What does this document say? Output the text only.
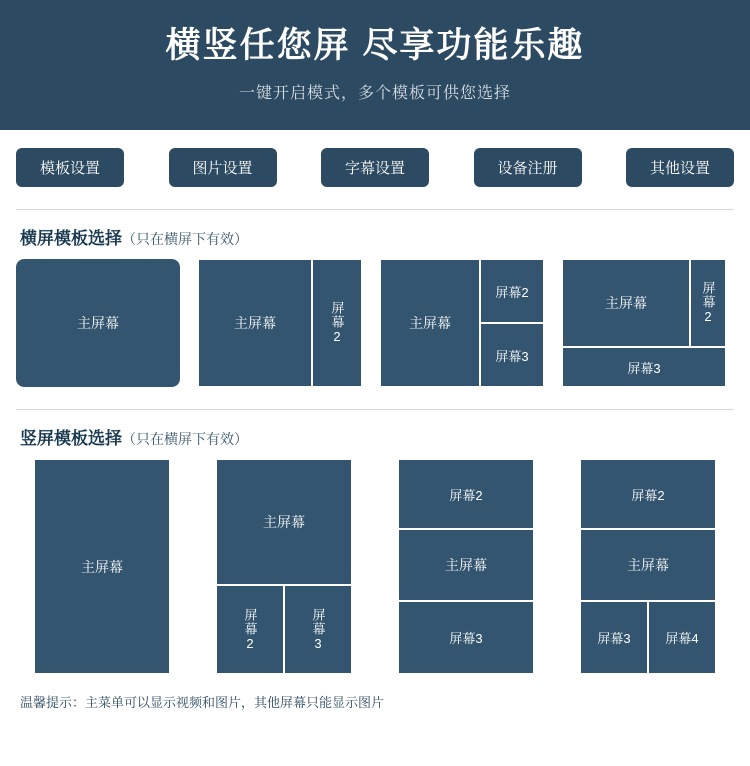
横竖任您屏 尽享功能乐趣
一键开启模式，多个模板可供您选择
模板设置	图片设置	字幕设置	设备注册	其他设置
横屏模板选择（只在横屏下有效）
主屏幕	主屏幕	屏幕2	主屏幕
屏幕2
屏幕3
主屏幕	屏幕2
屏幕3
竖屏模板选择（只在横屏下有效）
主屏幕
主屏幕
屏幕2	屏幕3
屏幕2
主屏幕
屏幕3
屏幕2
主屏幕
屏幕3	屏幕4
温馨提示：主菜单可以显示视频和图片，其他屏幕只能显示图片
